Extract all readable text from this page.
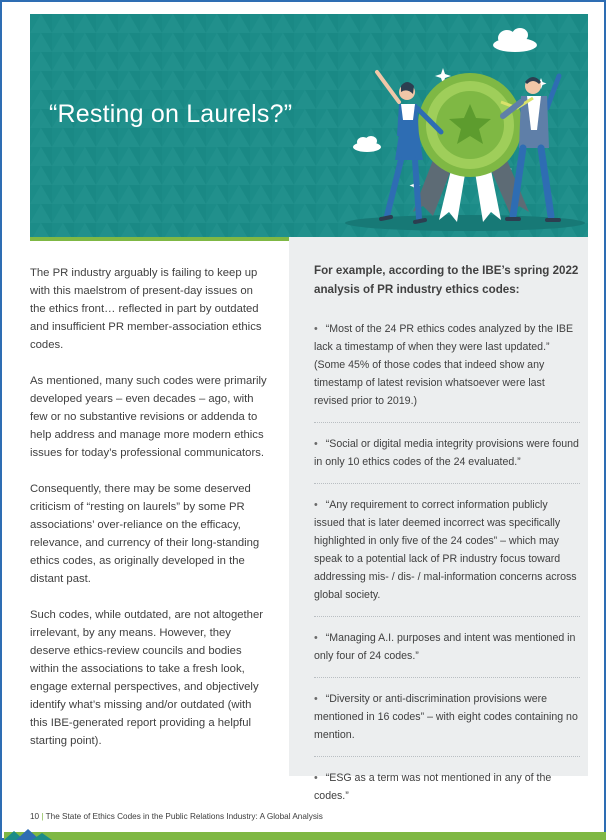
“Resting on Laurels?”

The PR industry arguably is failing to keep up with this maelstrom of present-day issues on the ethics front… reflected in part by outdated and insufficient PR member-association ethics codes.

As mentioned, many such codes were primarily developed years – even decades – ago, with few or no substantive revisions or addenda to help address and manage more modern ethics issues for today’s professional communicators.

Consequently, there may be some deserved criticism of “resting on laurels” by some PR associations’ over-reliance on the efficacy, relevance, and currency of their long-standing ethics codes, as originally developed in the distant past.

Such codes, while outdated, are not altogether irrelevant, by any means. However, they deserve ethics-review councils and bodies within the associations to take a fresh look, engage external perspectives, and objectively identify what’s missing and/or outdated (with this IBE-generated report providing a helpful starting point).

For example, according to the IBE’s spring 2022 analysis of PR industry ethics codes:
• “Most of the 24 PR ethics codes analyzed by the IBE lack a timestamp of when they were last updated.” (Some 45% of those codes that indeed show any timestamp of latest revision whatsoever were last revised prior to 2019.)
• “Social or digital media integrity provisions were found in only 10 ethics codes of the 24 evaluated.”
• “Any requirement to correct information publicly issued that is later deemed incorrect was specifically highlighted in only five of the 24 codes” – which may speak to a potential lack of PR industry focus toward addressing mis- / dis- / mal-information concerns across global society.
• “Managing A.I. purposes and intent was mentioned in only four of 24 codes.”
• “Diversity or anti-discrimination provisions were mentioned in 16 codes” – with eight codes containing no mention.
• “ESG as a term was not mentioned in any of the codes.”
10 | The State of Ethics Codes in the Public Relations Industry: A Global Analysis
